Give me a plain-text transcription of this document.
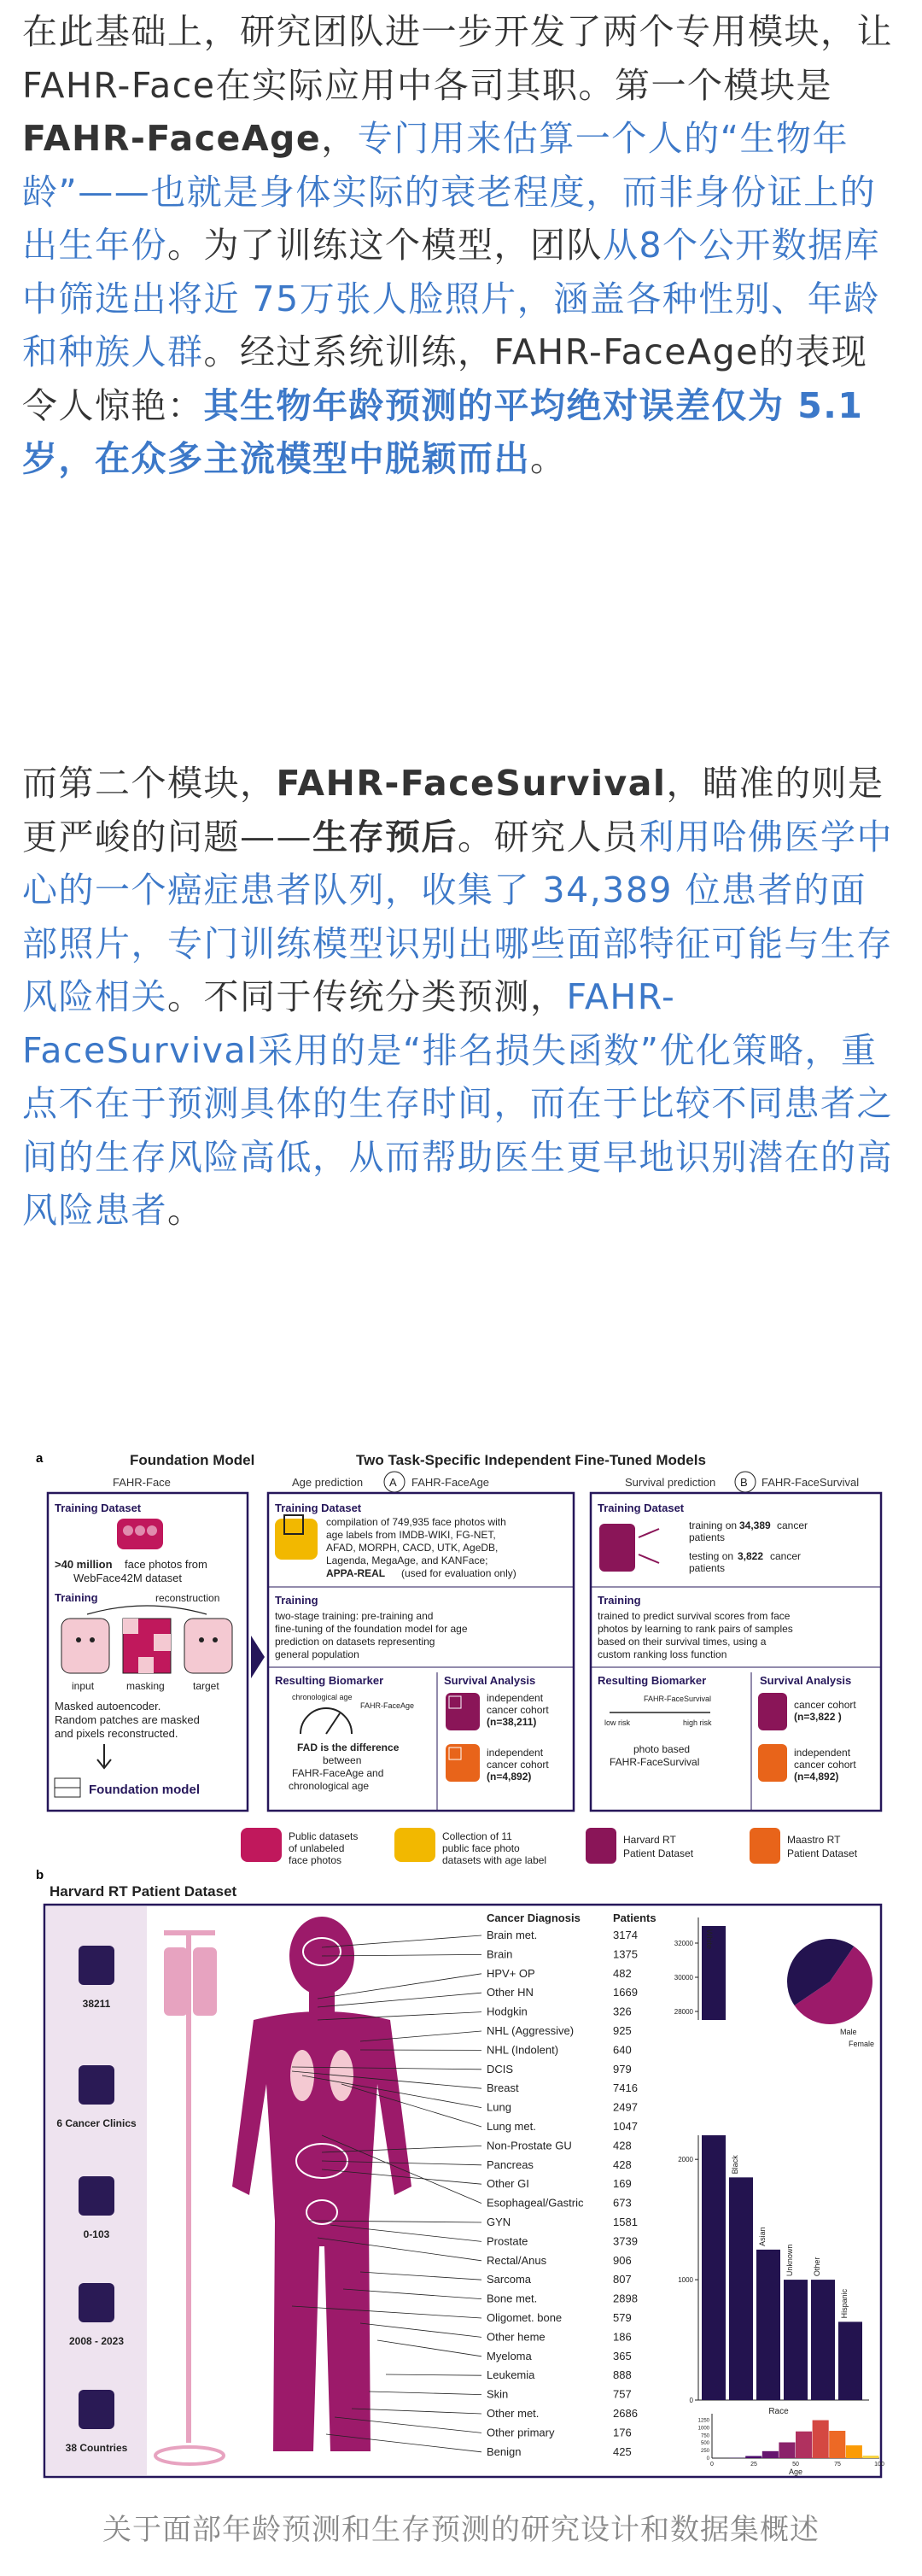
在此基础上，研究团队进一步开发了两个专用模块，让FAHR-Face在实际应用中各司其职。第一个模块是 FAHR-FaceAge，专门用来估算一个人的“生物年龄”——也就是身体实际的衰老程度，而非身份证上的出生年份。为了训练这个模型，团队从8个公开数据库中筛选出将近 75万张人脸照片，涵盖各种性别、年龄和种族人群。经过系统训练，FAHR-FaceAge的表现令人惊艳：其生物年龄预测的平均绝对误差仅为 5.1岁，在众多主流模型中脱颖而出。
而第二个模块，FAHR-FaceSurvival，瞄准的则是更严峻的问题——生存预后。研究人员利用哈佛医学中心的一个癌症患者队列，收集了 34,389 位患者的面部照片，专门训练模型识别出哪些面部特征可能与生存风险相关。不同于传统分类预测，FAHR-FaceSurvival采用的是“排名损失函数”优化策略，重点不在于预测具体的生存时间，而在于比较不同患者之间的生存风险高低，从而帮助医生更早地识别潜在的高风险患者。
a	Foundation Model	Two Task-Specific Independent Fine-Tuned Models
FAHR-Face
Training Dataset
>40 million face photos from
WebFace42M dataset
Training	reconstruction
input	masking	target
Masked autoencoder.
Random patches are masked
and pixels reconstructed.
Foundation model
Age prediction A FAHR-FaceAge
Training Dataset
compilation of 749,935 face photos with
age labels from IMDB-WIKI, FG-NET,
AFAD, MORPH, CACD, UTK, AgeDB,
Lagenda, MegaAge, and KANFace;
APPA-REAL (used for evaluation only)
Training
two-stage training: pre-training and
fine-tuning of the foundation model for age
prediction on datasets representing
general population
Resulting Biomarker	Survival Analysis
chronological age
FAHR-FaceAge
FAD is the difference
between
FAHR-FaceAge and
chronological age
independent
cancer cohort
(n=38,211)
independent
cancer cohort
(n=4,892)
Survival prediction B FAHR-FaceSurvival
Training Dataset
training on 34,389 cancer
patients
testing on 3,822 cancer
patients
Training
trained to predict survival scores from face
photos by learning to rank pairs of samples
based on their survival times, using a
custom ranking loss function
Resulting Biomarker	Survival Analysis
FAHR-FaceSurvival
low risk	high risk
photo based
FAHR-FaceSurvival
cancer cohort
(n=3,822 )
independent
cancer cohort
(n=4,892)
Public datasets
of unlabeled
face photos
Collection of 11
public face photo
datasets with age label
Harvard RT
Patient Dataset
Maastro RT
Patient Dataset
b
Harvard RT Patient Dataset
38211
6 Cancer Clinics
0-103
2008 - 2023
38 Countries
Cancer Diagnosis	Patients
Brain met.	3174
Brain	1375
HPV+ OP	482
Other HN	1669
Hodgkin	326
NHL (Aggressive)	925
NHL (Indolent)	640
DCIS	979
Breast	7416
Lung	2497
Lung met.	1047
Non-Prostate GU	428
Pancreas	428
Other GI	169
Esophageal/Gastric	673
GYN	1581
Prostate	3739
Rectal/Anus	906
Sarcoma	807
Bone met.	2898
Oligomet. bone	579
Other heme	186
Myeloma	365
Leukemia	888
Skin	757
Other met.	2686
Other primary	176
Benign	425
0
1000
2000
28000
30000
32000 White
Black
Asian
Unknown Other
Hispanic
Race
Male
Female
0
250
500
750
1000
1250
0	25	50	75	100
Age
关于面部年龄预测和生存预测的研究设计和数据集概述
